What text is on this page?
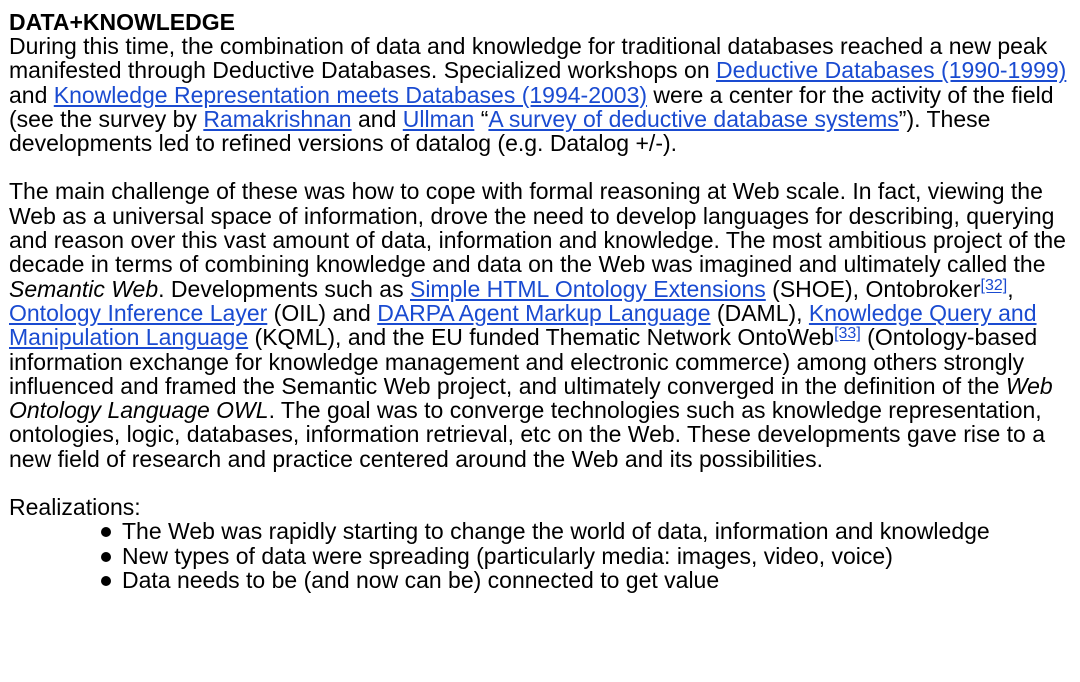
DATA+KNOWLEDGE

During this time, the combination of data and knowledge for traditional databases reached a new peak manifested through Deductive Databases. Specialized workshops on Deductive Databases (1990-1999) and Knowledge Representation meets Databases (1994-2003) were a center for the activity of the field (see the survey by Ramakrishnan and Ullman “A survey of deductive database systems”). These developments led to refined versions of datalog (e.g. Datalog +/-).

The main challenge of these was how to cope with formal reasoning at Web scale. In fact, viewing the Web as a universal space of information, drove the need to develop languages for describing, querying and reason over this vast amount of data, information and knowledge. The most ambitious project of the decade in terms of combining knowledge and data on the Web was imagined and ultimately called the Semantic Web. Developments such as Simple HTML Ontology Extensions (SHOE), Ontobroker[32], Ontology Inference Layer (OIL) and DARPA Agent Markup Language (DAML), Knowledge Query and Manipulation Language (KQML), and the EU funded Thematic Network OntoWeb[33] (Ontology-based information exchange for knowledge management and electronic commerce) among others strongly influenced and framed the Semantic Web project, and ultimately converged in the definition of the Web Ontology Language OWL. The goal was to converge technologies such as knowledge representation, ontologies, logic, databases, information retrieval, etc on the Web. These developments gave rise to a new field of research and practice centered around the Web and its possibilities.

Realizations:

The Web was rapidly starting to change the world of data, information and knowledge
New types of data were spreading (particularly media: images, video, voice)
Data needs to be (and now can be) connected to get value
